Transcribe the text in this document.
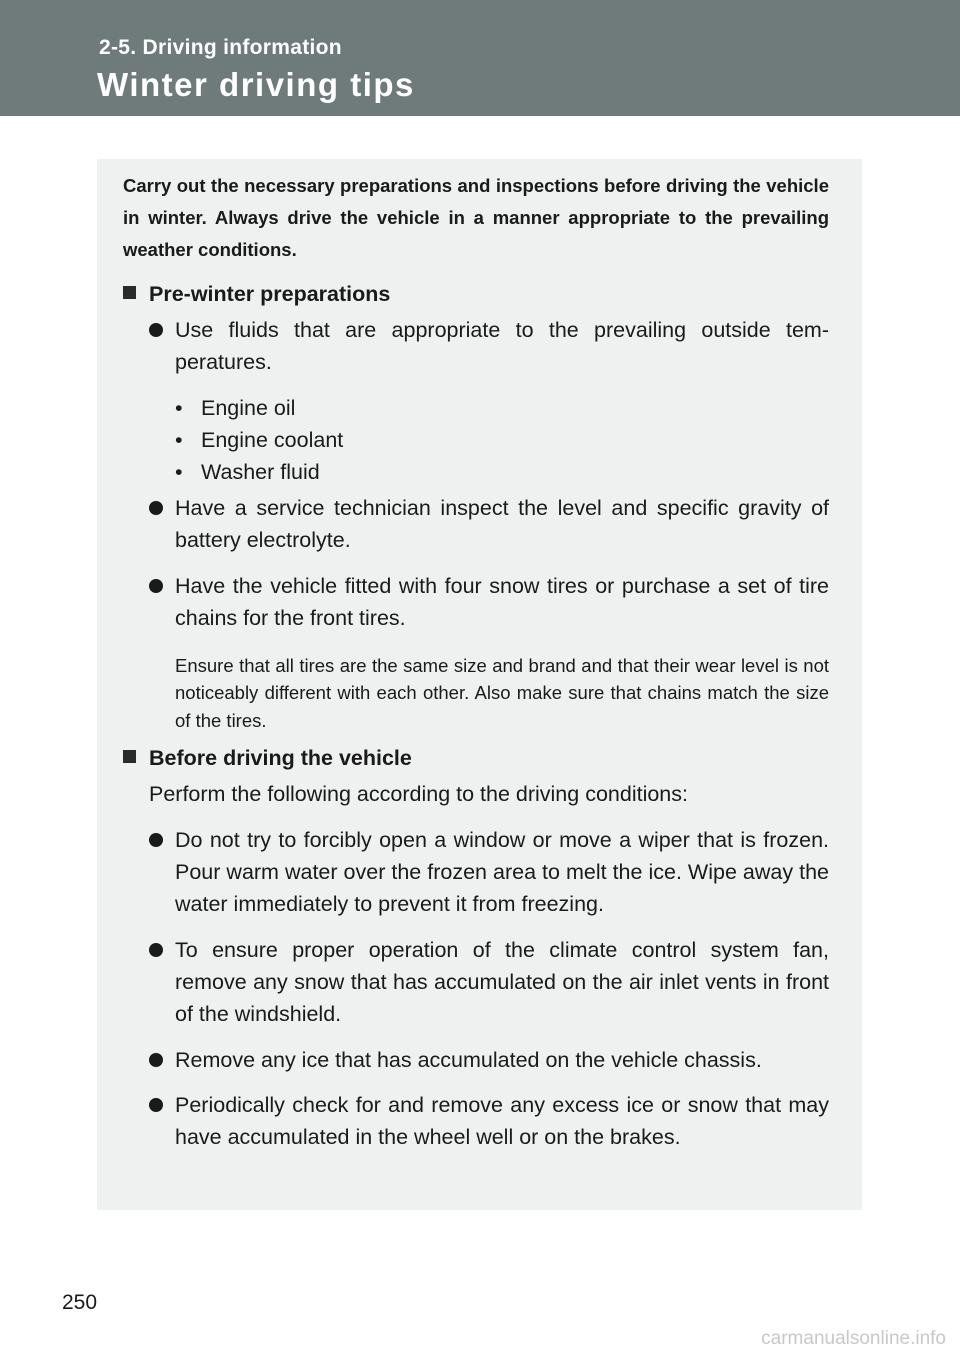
2-5. Driving information
Winter driving tips
Carry out the necessary preparations and inspections before driving the vehicle in winter. Always drive the vehicle in a manner appropriate to the prevailing weather conditions.
Pre-winter preparations
Use fluids that are appropriate to the prevailing outside temperatures.
• Engine oil
• Engine coolant
• Washer fluid
Have a service technician inspect the level and specific gravity of battery electrolyte.
Have the vehicle fitted with four snow tires or purchase a set of tire chains for the front tires.
Ensure that all tires are the same size and brand and that their wear level is not noticeably different with each other. Also make sure that chains match the size of the tires.
Before driving the vehicle
Perform the following according to the driving conditions:
Do not try to forcibly open a window or move a wiper that is frozen. Pour warm water over the frozen area to melt the ice. Wipe away the water immediately to prevent it from freezing.
To ensure proper operation of the climate control system fan, remove any snow that has accumulated on the air inlet vents in front of the windshield.
Remove any ice that has accumulated on the vehicle chassis.
Periodically check for and remove any excess ice or snow that may have accumulated in the wheel well or on the brakes.
250
carmanualsonline.info
